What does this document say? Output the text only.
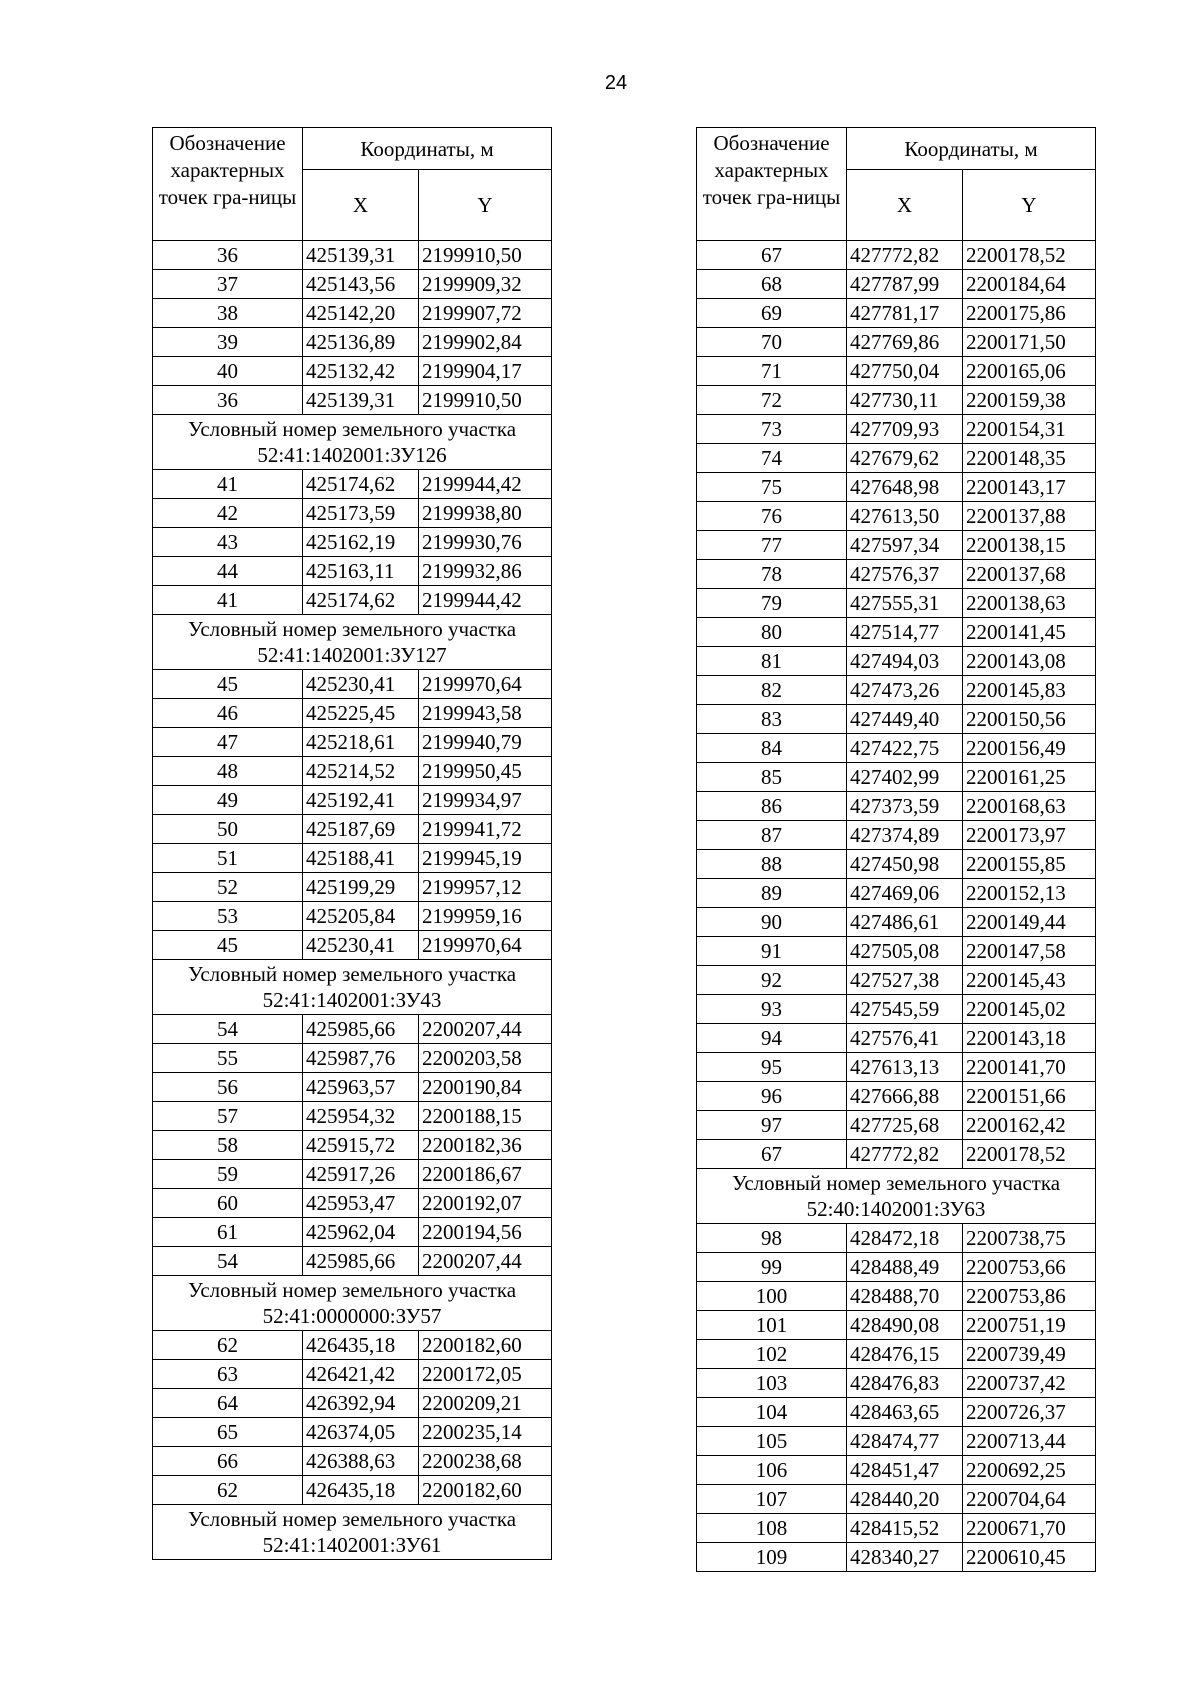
24
Обозначение характерных точек гра-ницы	Координаты, м	
	X	Y
36	425139,31	2199910,50
37	425143,56	2199909,32
38	425142,20	2199907,72
39	425136,89	2199902,84
40	425132,42	2199904,17
36	425139,31	2199910,50
Условный номер земельного участка 52:41:1402001:ЗУ126		
41	425174,62	2199944,42
42	425173,59	2199938,80
43	425162,19	2199930,76
44	425163,11	2199932,86
41	425174,62	2199944,42
Условный номер земельного участка 52:41:1402001:ЗУ127		
45	425230,41	2199970,64
46	425225,45	2199943,58
47	425218,61	2199940,79
48	425214,52	2199950,45
49	425192,41	2199934,97
50	425187,69	2199941,72
51	425188,41	2199945,19
52	425199,29	2199957,12
53	425205,84	2199959,16
45	425230,41	2199970,64
Условный номер земельного участка 52:41:1402001:ЗУ43		
54	425985,66	2200207,44
55	425987,76	2200203,58
56	425963,57	2200190,84
57	425954,32	2200188,15
58	425915,72	2200182,36
59	425917,26	2200186,67
60	425953,47	2200192,07
61	425962,04	2200194,56
54	425985,66	2200207,44
Условный номер земельного участка 52:41:0000000:ЗУ57		
62	426435,18	2200182,60
63	426421,42	2200172,05
64	426392,94	2200209,21
65	426374,05	2200235,14
66	426388,63	2200238,68
62	426435,18	2200182,60
Условный номер земельного участка 52:41:1402001:ЗУ61		
Обозначение характерных точек гра-ницы	Координаты, м	
	X	Y
67	427772,82	2200178,52
68	427787,99	2200184,64
69	427781,17	2200175,86
70	427769,86	2200171,50
71	427750,04	2200165,06
72	427730,11	2200159,38
73	427709,93	2200154,31
74	427679,62	2200148,35
75	427648,98	2200143,17
76	427613,50	2200137,88
77	427597,34	2200138,15
78	427576,37	2200137,68
79	427555,31	2200138,63
80	427514,77	2200141,45
81	427494,03	2200143,08
82	427473,26	2200145,83
83	427449,40	2200150,56
84	427422,75	2200156,49
85	427402,99	2200161,25
86	427373,59	2200168,63
87	427374,89	2200173,97
88	427450,98	2200155,85
89	427469,06	2200152,13
90	427486,61	2200149,44
91	427505,08	2200147,58
92	427527,38	2200145,43
93	427545,59	2200145,02
94	427576,41	2200143,18
95	427613,13	2200141,70
96	427666,88	2200151,66
97	427725,68	2200162,42
67	427772,82	2200178,52
Условный номер земельного участка 52:40:1402001:ЗУ63		
98	428472,18	2200738,75
99	428488,49	2200753,66
100	428488,70	2200753,86
101	428490,08	2200751,19
102	428476,15	2200739,49
103	428476,83	2200737,42
104	428463,65	2200726,37
105	428474,77	2200713,44
106	428451,47	2200692,25
107	428440,20	2200704,64
108	428415,52	2200671,70
109	428340,27	2200610,45
